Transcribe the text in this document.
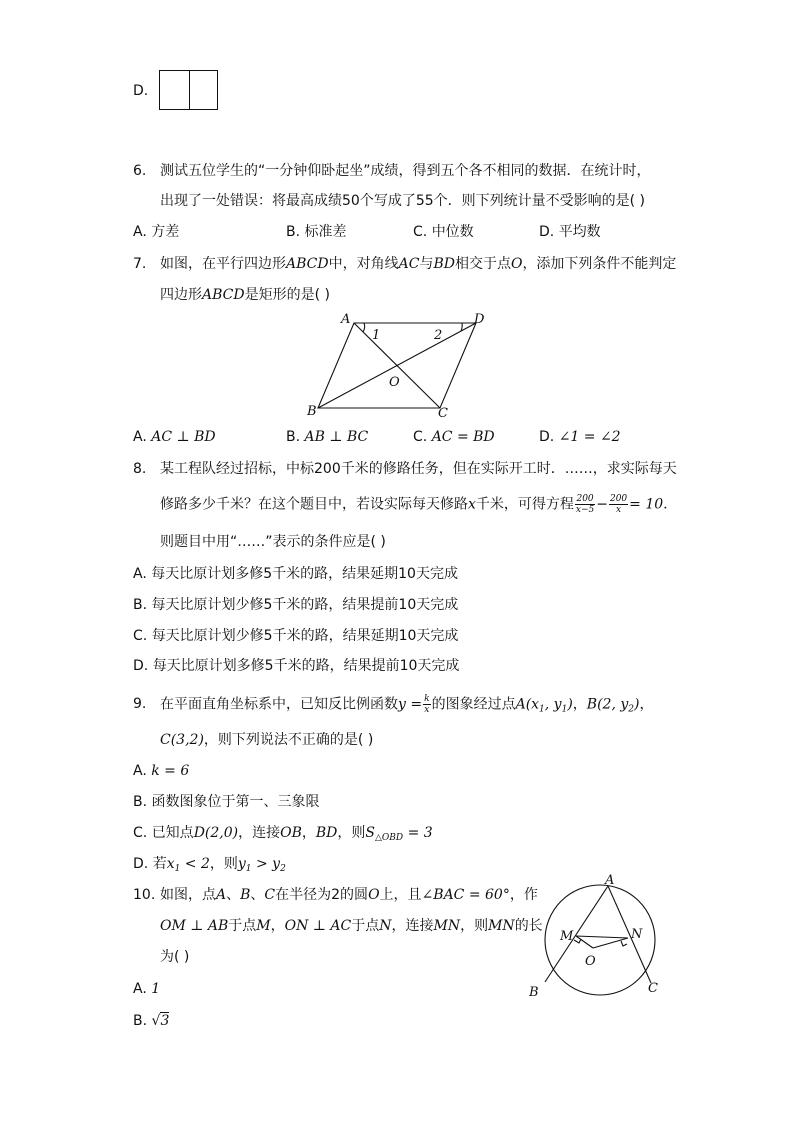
D.
6. 测试五位学生的“一分钟仰卧起坐”成绩，得到五个各不相同的数据．在统计时，
出现了一处错误：将最高成绩50个写成了55个．则下列统计量不受影响的是( )
A. 方差	B. 标准差	C. 中位数	D. 平均数
7. 如图，在平行四边形ABCD中，对角线AC与BD相交于点O，添加下列条件不能判定
四边形ABCD是矩形的是( )
A	D
B	C
O
1	2
A. AC ⊥ BD	B. AB ⊥ BC	C. AC = BD	D. ∠1 = ∠2
8. 某工程队经过招标，中标200千米的修路任务，但在实际开工时．……，求实际每天
修路多少千米？在这个题目中，若设实际每天修路x千米，可得方程 $\frac{200}{x-5} - \frac{200}{x} = 10$.
则题目中用“……”表示的条件应是( )
A. 每天比原计划多修5千米的路，结果延期10天完成
B. 每天比原计划少修5千米的路，结果提前10天完成
C. 每天比原计划少修5千米的路，结果延期10天完成
D. 每天比原计划多修5千米的路，结果提前10天完成
9. 在平面直角坐标系中，已知反比例函数$y = \frac{k}{x}$ 的图象经过点$A(x_1$, $y_1$)，B(2, $y_2$)，
C(3,2)，则下列说法不正确的是( )
A. k = 6
B. 函数图象位于第一、三象限
C. 已知点D(2,0)，连接OB，BD，则$S_{\triangle OBD} = 3$
D. 若$x_1 < 2$，则$y_1 > y_2$
10. 如图，点A、B、C在半径为2的圆O上，且∠BAC = 60°，作
OM ⊥ AB于点M，ON ⊥ AC于点N，连接MN，则MN的长
为( )
A
B	C
M	N
O
A. 1
B. √3
